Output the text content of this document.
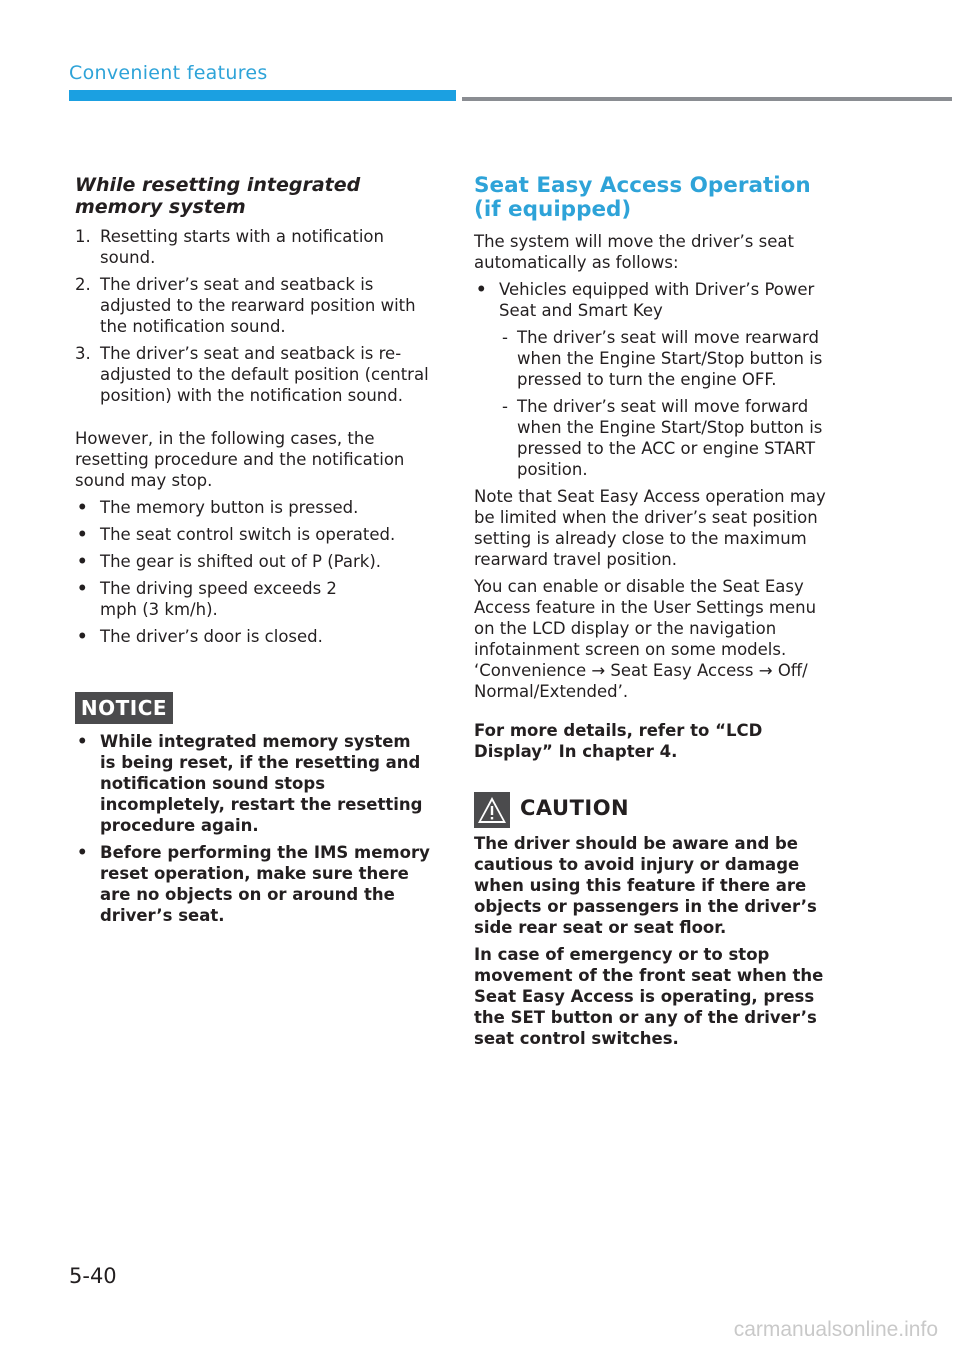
Convenient features
While resetting integrated memory system
1. Resetting starts with a notification sound.
2. The driver’s seat and seatback is adjusted to the rearward position with the notification sound.
3. The driver’s seat and seatback is re-adjusted to the default position (central position) with the notification sound.

However, in the following cases, the resetting procedure and the notification sound may stop.

• The memory button is pressed.
• The seat control switch is operated.
• The gear is shifted out of P (Park).
• The driving speed exceeds 2 mph (3 km/h).
• The driver’s door is closed.
NOTICE
• While integrated memory system is being reset, if the resetting and notification sound stops incompletely, restart the resetting procedure again.
• Before performing the IMS memory reset operation, make sure there are no objects on or around the driver’s seat.
Seat Easy Access Operation (if equipped)

The system will move the driver’s seat automatically as follows:

• Vehicles equipped with Driver’s Power Seat and Smart Key
- The driver’s seat will move rearward when the Engine Start/Stop button is pressed to turn the engine OFF.
- The driver’s seat will move forward when the Engine Start/Stop button is pressed to the ACC or engine START position.

Note that Seat Easy Access operation may be limited when the driver’s seat position setting is already close to the maximum rearward travel position.

You can enable or disable the Seat Easy Access feature in the User Settings menu on the LCD display or the navigation infotainment screen on some models. ‘Convenience → Seat Easy Access → Off/ Normal/Extended’.

For more details, refer to “LCD Display” In chapter 4.

CAUTION

The driver should be aware and be cautious to avoid injury or damage when using this feature if there are objects or passengers in the driver’s side rear seat or seat floor.

In case of emergency or to stop movement of the front seat when the Seat Easy Access is operating, press the SET button or any of the driver’s seat control switches.

5-40
carmanualsonline.info
